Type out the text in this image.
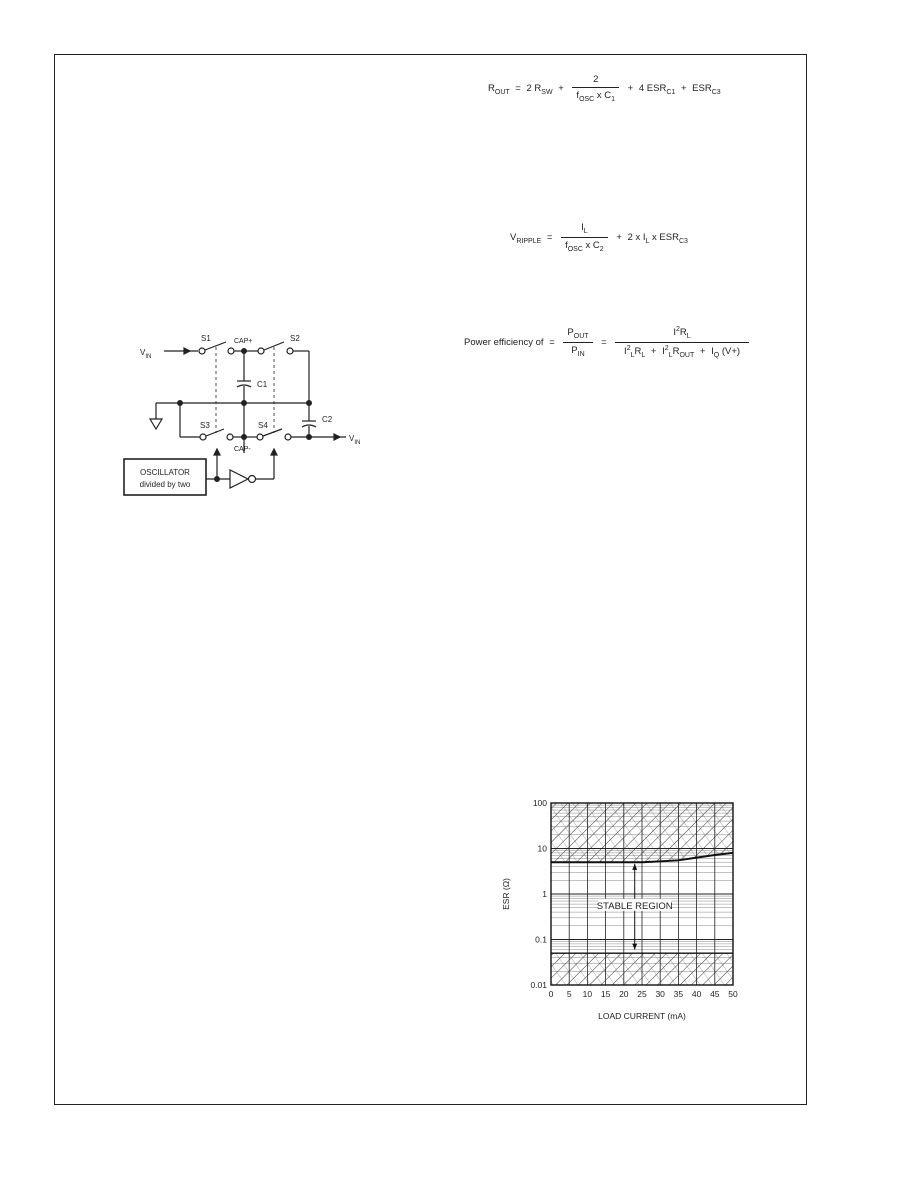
$R_{OUT} = 2$ $R_{SW} + \frac{2}{f_{OSC} x C_1} + 4$ $ESR_{C1} + ESR_{C3}$
$V_{RIPPLE} = \frac{I_L}{f_{OSC} x C_2} + 2$ x $I_L$ x $ESR_{C3}$
Power efficiency of = $\frac{P_{OUT}}{P_{IN}} = \frac{I^2R_L}{I^2_LR_L + I^2_LR_{OUT} + I_Q (V+)}$
$V_{IN}$
$V_{IN}$
S1	S2
S3	S4
CAP+
CAP-
C1
C2
OSCILLATOR
divided by two
0.01
0.1
1
10
100
0 5 10 15 20 25 30 35 40 45 50
LOAD CURRENT (mA)
ESR (Ω)	STABLE REGION
